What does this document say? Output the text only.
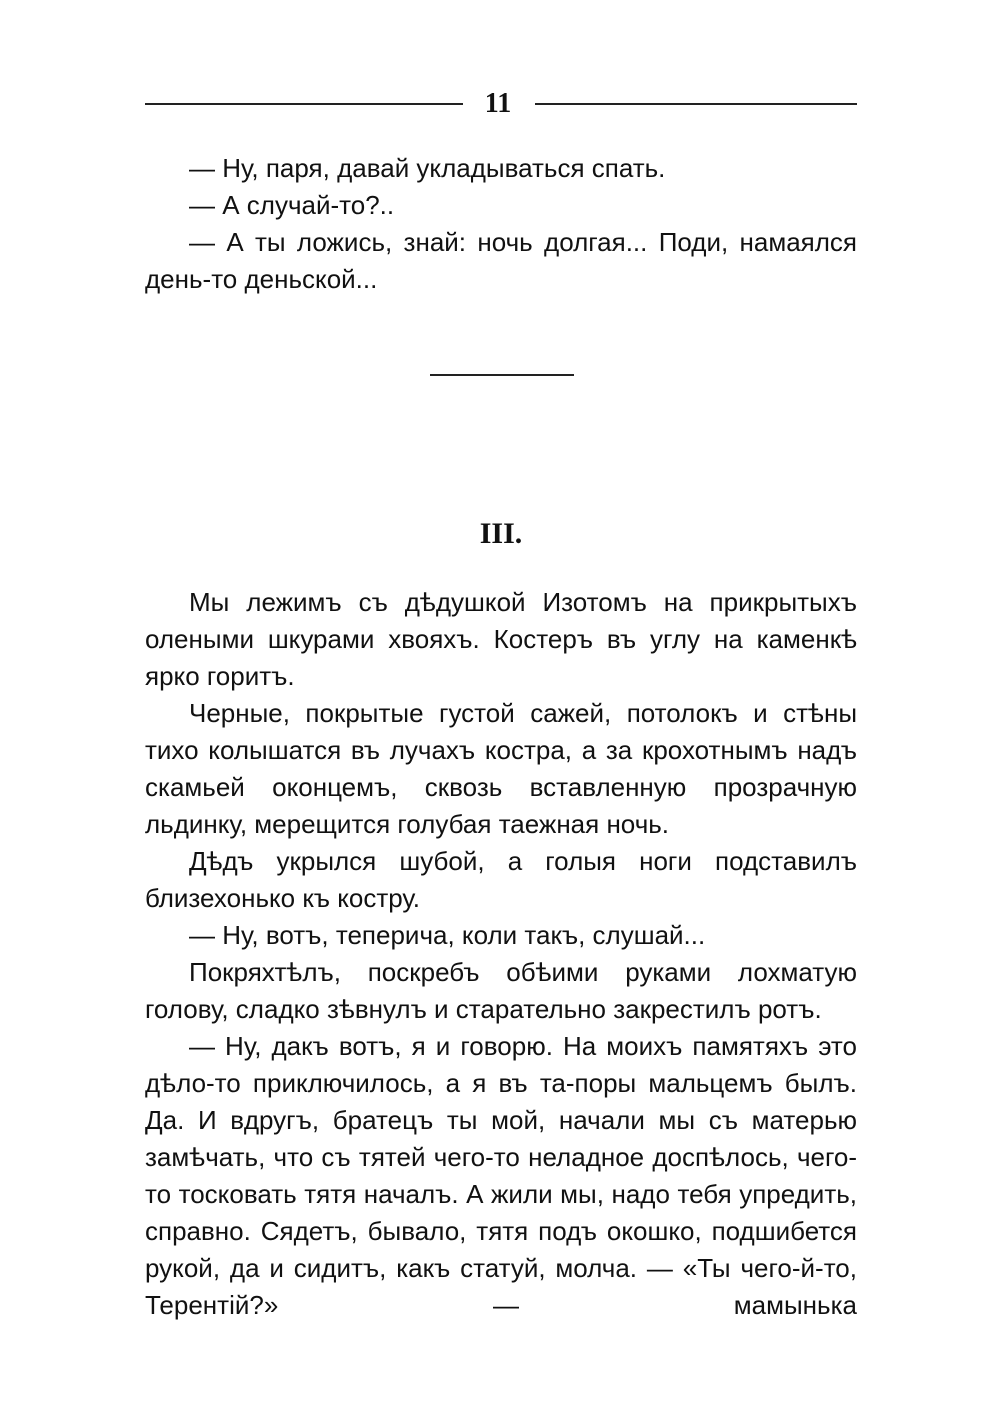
11

— Ну, паря, давай укладываться спать.

— А случай-то?..

— А ты ложись, знай: ночь долгая... Поди, намаялся день-то деньской...

III.

Мы лежимъ съ дѣдушкой Изотомъ на прикрытыхъ олеными шкурами хвояхъ. Костеръ въ углу на каменкѣ ярко горитъ.

Черные, покрытые густой сажей, потолокъ и стѣны тихо колышатся въ лучахъ костра, а за крохотнымъ надъ скамьей оконцемъ, сквозь вставленную прозрачную льдинку, мерещится голубая таежная ночь.

Дѣдъ укрылся шубой, а голыя ноги подставилъ близехонько къ костру.

— Ну, вотъ, теперича, коли такъ, слушай...

Покряхтѣлъ, поскребъ обѣими руками лохматую голову, сладко зѣвнулъ и старательно закрестилъ ротъ.

— Ну, дакъ вотъ, я и говорю. На моихъ памятяхъ это дѣло-то приключилось, а я въ та-поры мальцемъ былъ. Да. И вдругъ, братецъ ты мой, начали мы съ матерью замѣчать, что съ тятей чего-то неладное доспѣлось, чего-то тосковать тятя началъ. А жили мы, надо тебя упредить, справно. Сядетъ, бывало, тятя подъ окошко, подшибется рукой, да и сидитъ, какъ статуй, молча. — «Ты чего-й-то, Терентій?» — мамынька
